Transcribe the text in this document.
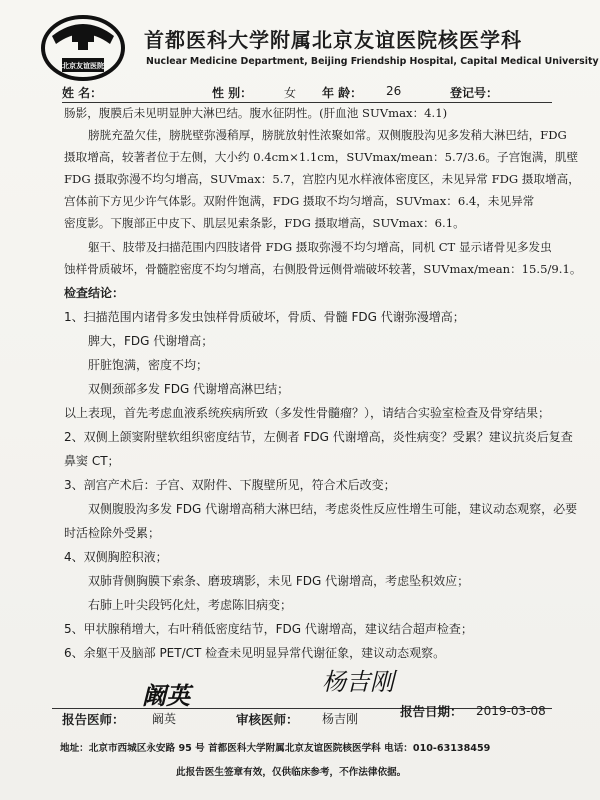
北京友谊医院
首都医科大学附属北京友谊医院核医学科
Nuclear Medicine Department, Beijing Friendship Hospital, Capital Medical University
姓 名：	性 别：	女 年 龄： 26	登记号：
肠影，腹膜后未见明显肿大淋巴结。腹水征阴性。(肝血池 SUVmax：4.1)
膀胱充盈欠佳，膀胱壁弥漫稍厚，膀胱放射性浓聚如常。双侧腹股沟见多发稍大淋巴结，FDG
摄取增高，较著者位于左侧，大小约 0.4cm×1.1cm，SUVmax/mean：5.7/3.6。子宫饱满，肌壁
FDG 摄取弥漫不均匀增高，SUVmax：5.7，宫腔内见水样液体密度区，未见异常 FDG 摄取增高，
宫体前下方见少许气体影。双附件饱满，FDG 摄取不均匀增高，SUVmax：6.4，未见异常
密度影。下腹部正中皮下、肌层见索条影，FDG 摄取增高，SUVmax：6.1。
躯干、肢带及扫描范围内四肢诸骨 FDG 摄取弥漫不均匀增高，同机 CT 显示诸骨见多发虫
蚀样骨质破坏，骨髓腔密度不均匀增高，右侧股骨远侧骨端破坏较著，SUVmax/mean：15.5/9.1。
检查结论：
1、扫描范围内诸骨多发虫蚀样骨质破坏，骨质、骨髓 FDG 代谢弥漫增高；
脾大，FDG 代谢增高；
肝脏饱满，密度不均；
双侧颈部多发 FDG 代谢增高淋巴结；
以上表现，首先考虑血液系统疾病所致（多发性骨髓瘤？），请结合实验室检查及骨穿结果；
2、双侧上颌窦附壁软组织密度结节，左侧者 FDG 代谢增高，炎性病变？受累？建议抗炎后复查
鼻窦 CT；
3、剖宫产术后：子宫、双附件、下腹壁所见，符合术后改变；
双侧腹股沟多发 FDG 代谢增高稍大淋巴结，考虑炎性反应性增生可能，建议动态观察，必要
时活检除外受累；
4、双侧胸腔积液；
双肺背侧胸膜下索条、磨玻璃影，未见 FDG 代谢增高，考虑坠积效应；
右肺上叶尖段钙化灶，考虑陈旧病变；
5、甲状腺稍增大，右叶稍低密度结节，FDG 代谢增高，建议结合超声检查；
6、余躯干及脑部 PET/CT 检查未见明显异常代谢征象，建议动态观察。
阚英	杨吉刚
报告医师： 阚英	审核医师： 杨吉刚	报告日期： 2019-03-08
地址：北京市西城区永安路 95 号 首都医科大学附属北京友谊医院核医学科 电话：010-63138459
此报告医生签章有效，仅供临床参考，不作法律依据。
